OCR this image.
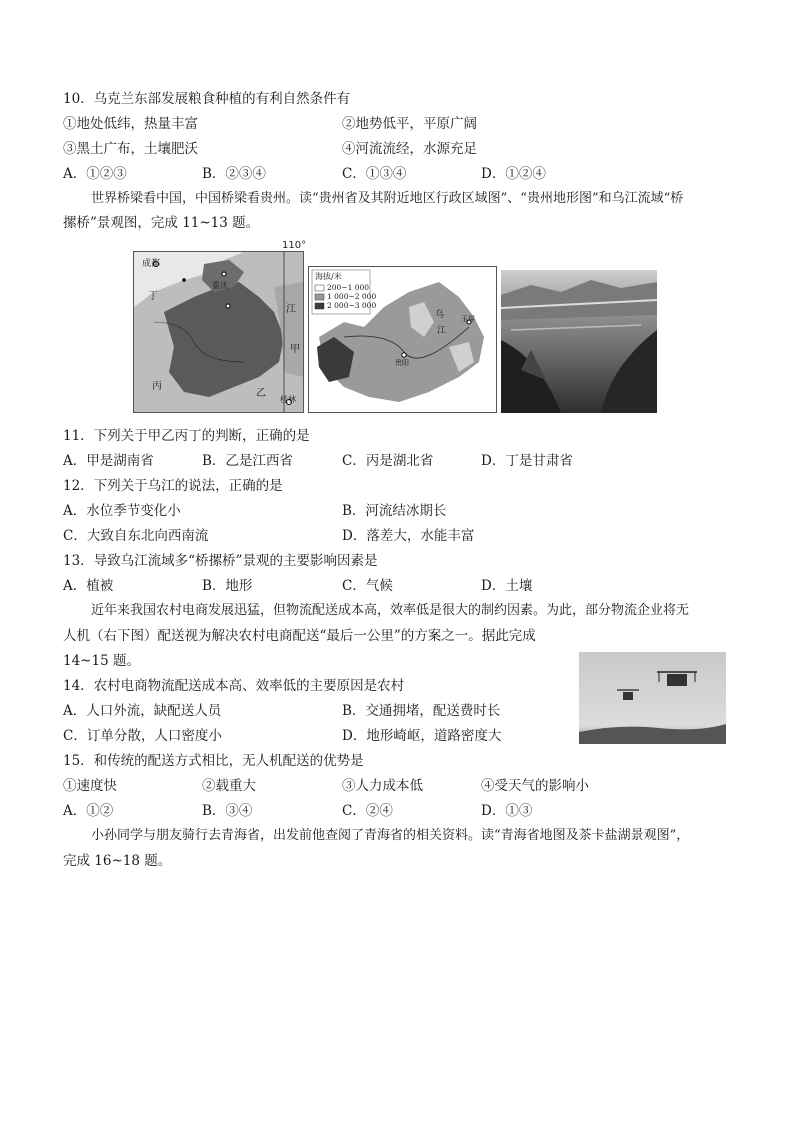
10．乌克兰东部发展粮食种植的有利自然条件有
①地处低纬，热量丰富	②地势低平，平原广阔
③黑土广布，土壤肥沃	④河流流经，水源充足
A．①②③	B．②③④	C．①③④	D．①②④
世界桥梁看中国，中国桥梁看贵州。读“贵州省及其附近地区行政区域图”、“贵州地形图”和乌江流域“桥
摞桥”景观图，完成 11~13 题。
成都
重庆
丁
江
甲
丙
乙
桂林
110°
海拔/米
200~1 000
1 000~2 000
2 000~3 000
乌
江
玉屏
贵阳
11．下列关于甲乙丙丁的判断，正确的是
A．甲是湖南省	B．乙是江西省	C．丙是湖北省	D．丁是甘肃省
12．下列关于乌江的说法，正确的是
A．水位季节变化小	B．河流结冰期长
C．大致自东北向西南流	D．落差大，水能丰富
13．导致乌江流域多“桥摞桥”景观的主要影响因素是
A．植被	B．地形	C．气候	D．土壤
近年来我国农村电商发展迅猛，但物流配送成本高，效率低是很大的制约因素。为此，部分物流企业将无
人机（右下图）配送视为解决农村电商配送“最后一公里”的方案之一。据此完成
14~15 题。
14．农村电商物流配送成本高、效率低的主要原因是农村
A．人口外流，缺配送人员	B．交通拥堵，配送费时长
C．订单分散，人口密度小	D．地形崎岖，道路密度大
15．和传统的配送方式相比，无人机配送的优势是
①速度快	②载重大	③人力成本低	④受天气的影响小
A．①②	B．③④	C．②④	D．①③
小孙同学与朋友骑行去青海省，出发前他查阅了青海省的相关资料。读“青海省地图及茶卡盐湖景观图”，
完成 16~18 题。
